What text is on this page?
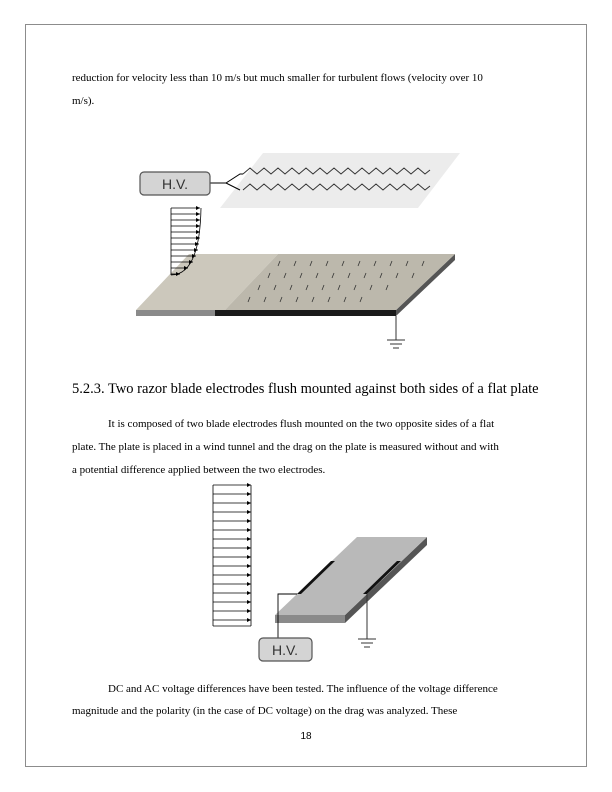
reduction for velocity less than 10 m/s but much smaller for turbulent flows (velocity over 10
m/s).
H.V.
5.2.3. Two razor blade electrodes flush mounted against both sides of a flat plate
It is composed of two blade electrodes flush mounted on the two opposite sides of a flat
plate. The plate is placed in a wind tunnel and the drag on the plate is measured without and with
a potential difference applied between the two electrodes.
H.V.
DC and AC voltage differences have been tested. The influence of the voltage difference
magnitude and the polarity (in the case of DC voltage) on the drag was analyzed. These
18
